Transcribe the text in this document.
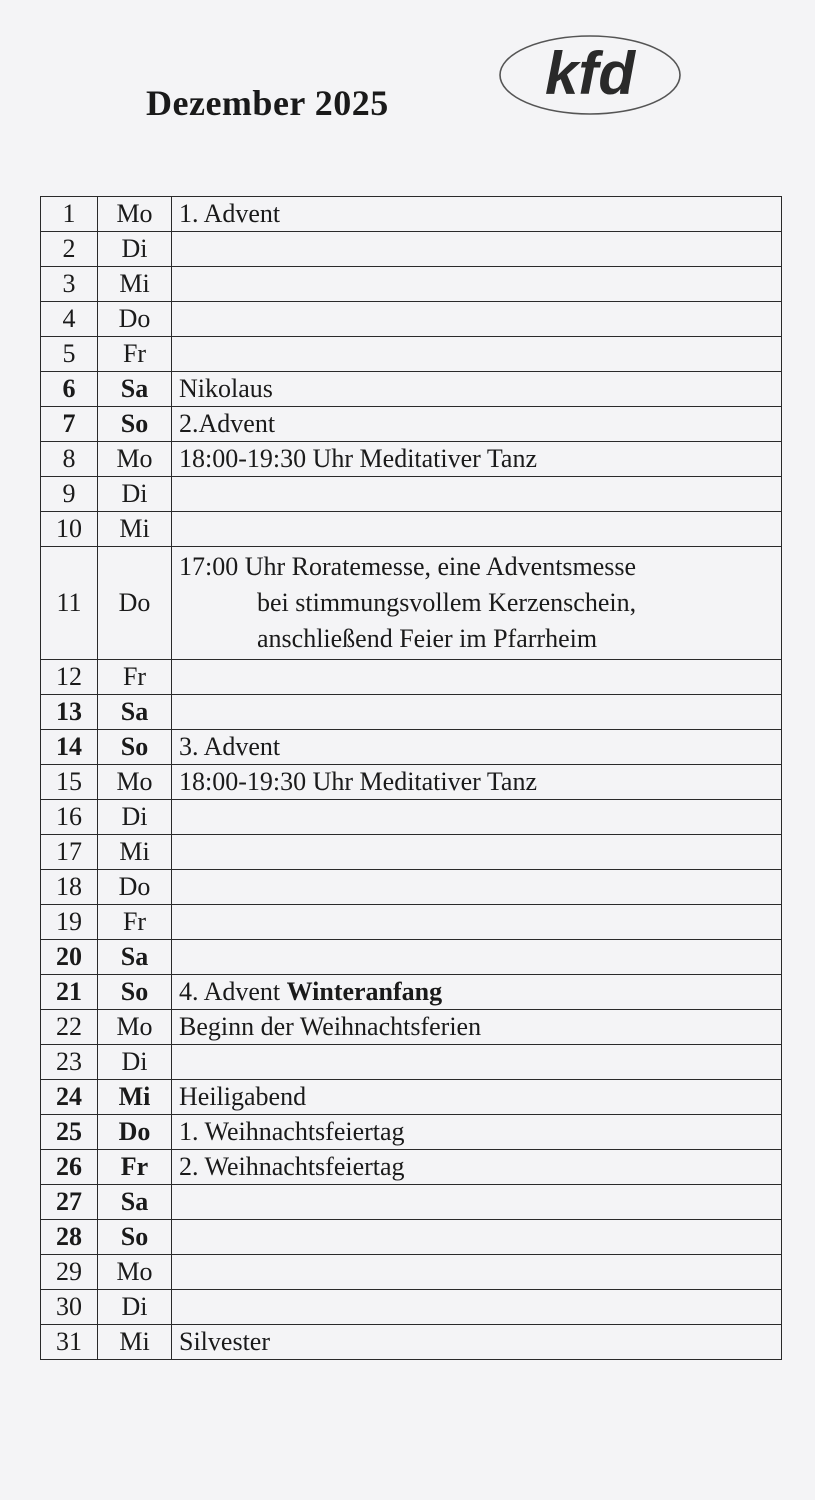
Dezember 2025	kfd
1	Mo	1. Advent
2	Di	
3	Mi	
4	Do	
5	Fr	
6	Sa	Nikolaus
7	So	2.Advent
8	Mo	18:00-19:30 Uhr Meditativer Tanz
9	Di	
10	Mi	
11	Do	17:00 Uhr Roratemesse, eine Adventsmesse
bei stimmungsvollem Kerzenschein,
anschließend Feier im Pfarrheim

12	Fr	
13	Sa	
14	So	3. Advent
15	Mo	18:00-19:30 Uhr Meditativer Tanz
16	Di	
17	Mi	
18	Do	
19	Fr	
20	Sa	
21	So	4. Advent Winteranfang
22	Mo	Beginn der Weihnachtsferien
23	Di	
24	Mi	Heiligabend
25	Do	1. Weihnachtsfeiertag
26	Fr	2. Weihnachtsfeiertag
27	Sa	
28	So	
29	Mo	
30	Di	
31	Mi	Silvester
